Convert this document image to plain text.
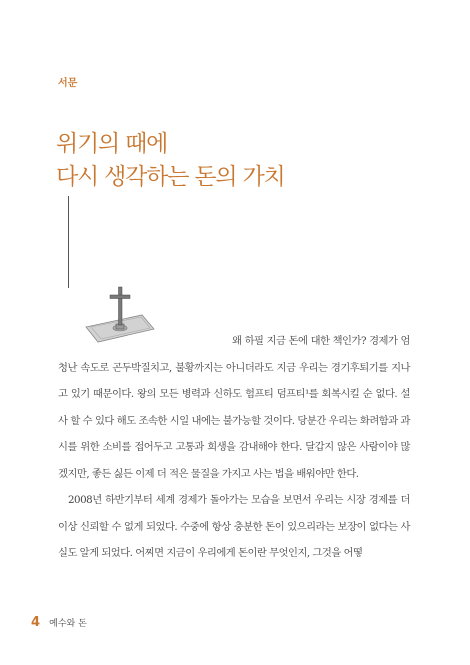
서문
위기의 때에
다시 생각하는 돈의 가치

왜 하필 지금 돈에 대한 책인가? 경제가 엄청난 속도로 곤두박질치고, 불황까지는 아니더라도 지금 우리는 경기후퇴기를 지나고 있기 때문이다. 왕의 모든 병력과 신하도 험프티 덤프티¹를 회복시킬 순 없다. 설사 할 수 있다 해도 조속한 시일 내에는 불가능할 것이다. 당분간 우리는 화려함과 과시를 위한 소비를 접어두고 고통과 희생을 감내해야 한다. 달갑지 않은 사람이야 많겠지만, 좋든 싫든 이제 더 적은 물질을 가지고 사는 법을 배워야만 한다.

2008년 하반기부터 세계 경제가 돌아가는 모습을 보면서 우리는 시장 경제를 더 이상 신뢰할 수 없게 되었다. 수중에 항상 충분한 돈이 있으리라는 보장이 없다는 사실도 알게 되었다. 어찌면 지금이 우리에게 돈이란 무엇인지, 그것을 어떻

4 예수와 돈
